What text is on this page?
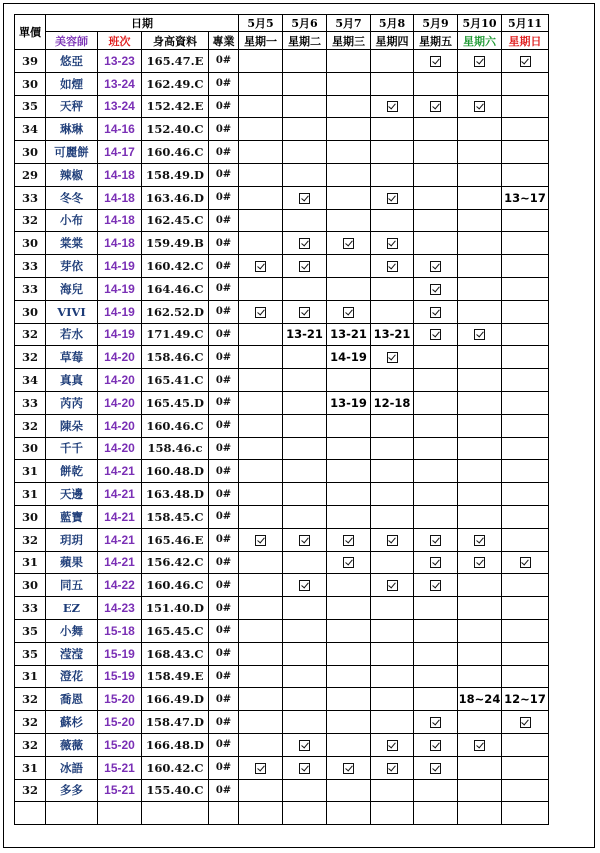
單價	日期				5月5	5月6	5月7	5月8	5月9	5月10	5月11
	美容師	班次	身高資料	專業	星期一	星期二	星期三	星期四	星期五	星期六	星期日
39	悠亞	13-23	165.47.E	0#							
30	如煙	13-24	162.49.C	0#							
35	天秤	13-24	152.42.E	0#							
34	琳琳	14-16	152.40.C	0#							
30	可麗餅	14-17	160.46.C	0#							
29	辣椒	14-18	158.49.D	0#							
33	冬冬	14-18	163.46.D	0#							13~17
32	小布	14-18	162.45.C	0#							
30	棠棠	14-18	159.49.B	0#							
33	芽依	14-19	160.42.C	0#							
33	海兒	14-19	164.46.C	0#							
30	VIVI	14-19	162.52.D	0#							
32	若水	14-19	171.49.C	0#		13-21	13-21	13-21			
32	草莓	14-20	158.46.C	0#			14-19				
34	真真	14-20	165.41.C	0#							
33	芮芮	14-20	165.45.D	0#			13-19	12-18			
32	陳朵	14-20	160.46.C	0#							
30	千千	14-20	158.46.c	0#							
31	餅乾	14-21	160.48.D	0#							
31	天邊	14-21	163.48.D	0#							
30	藍寶	14-21	158.45.C	0#							
32	玥玥	14-21	165.46.E	0#							
31	蘋果	14-21	156.42.C	0#							
30	同五	14-22	160.46.C	0#							
33	EZ	14-23	151.40.D	0#							
35	小舞	15-18	165.45.C	0#							
35	滢滢	15-19	168.43.C	0#							
31	澄花	15-19	158.49.E	0#							
32	喬恩	15-20	166.49.D	0#						18~24	12~17
32	蘇杉	15-20	158.47.D	0#							
32	薇薇	15-20	166.48.D	0#							
31	冰語	15-21	160.42.C	0#							
32	多多	15-21	155.40.C	0#							
